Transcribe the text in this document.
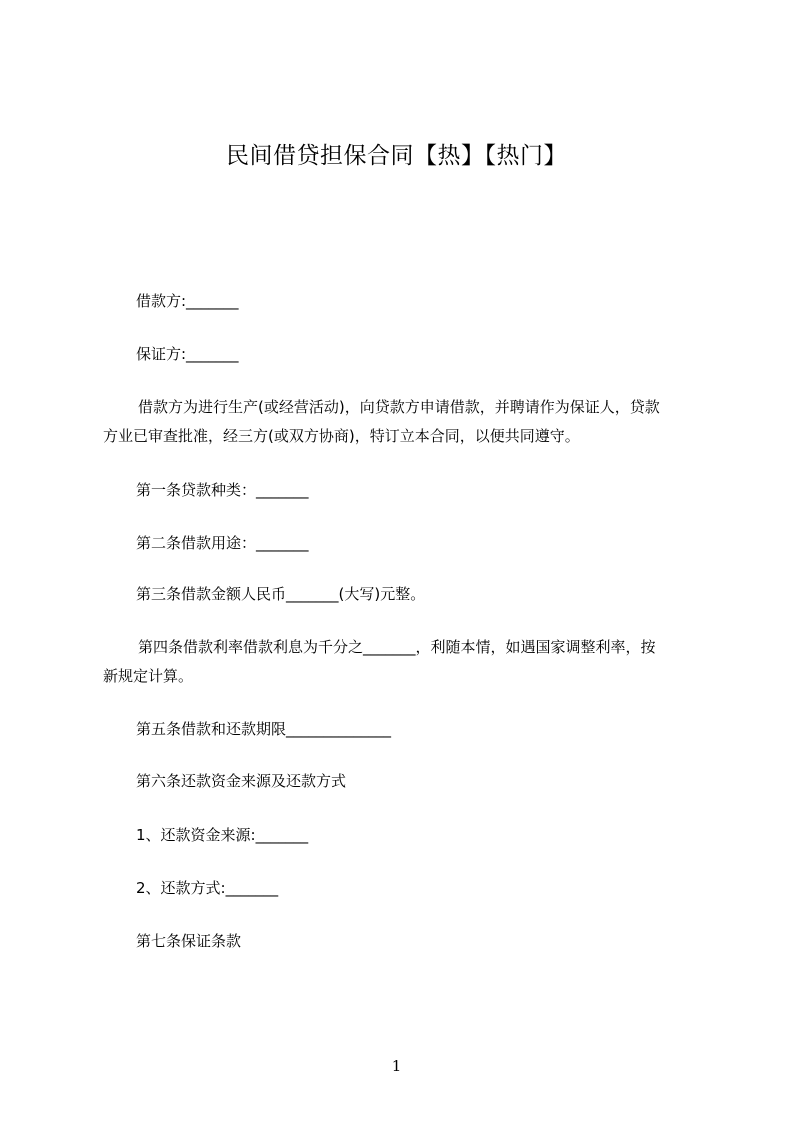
民间借贷担保合同【热】【热门】
借款方:_______
保证方:_______
借款方为进行生产(或经营活动)，向贷款方申请借款，并聘请作为保证人，贷款
方业已审查批准，经三方(或双方协商)，特订立本合同，以便共同遵守。
第一条贷款种类：_______
第二条借款用途：_______
第三条借款金额人民币_______(大写)元整。
第四条借款利率借款利息为千分之_______，利随本情，如遇国家调整利率，按
新规定计算。
第五条借款和还款期限______________
第六条还款资金来源及还款方式
1、还款资金来源:_______
2、还款方式:_______
第七条保证条款
1
